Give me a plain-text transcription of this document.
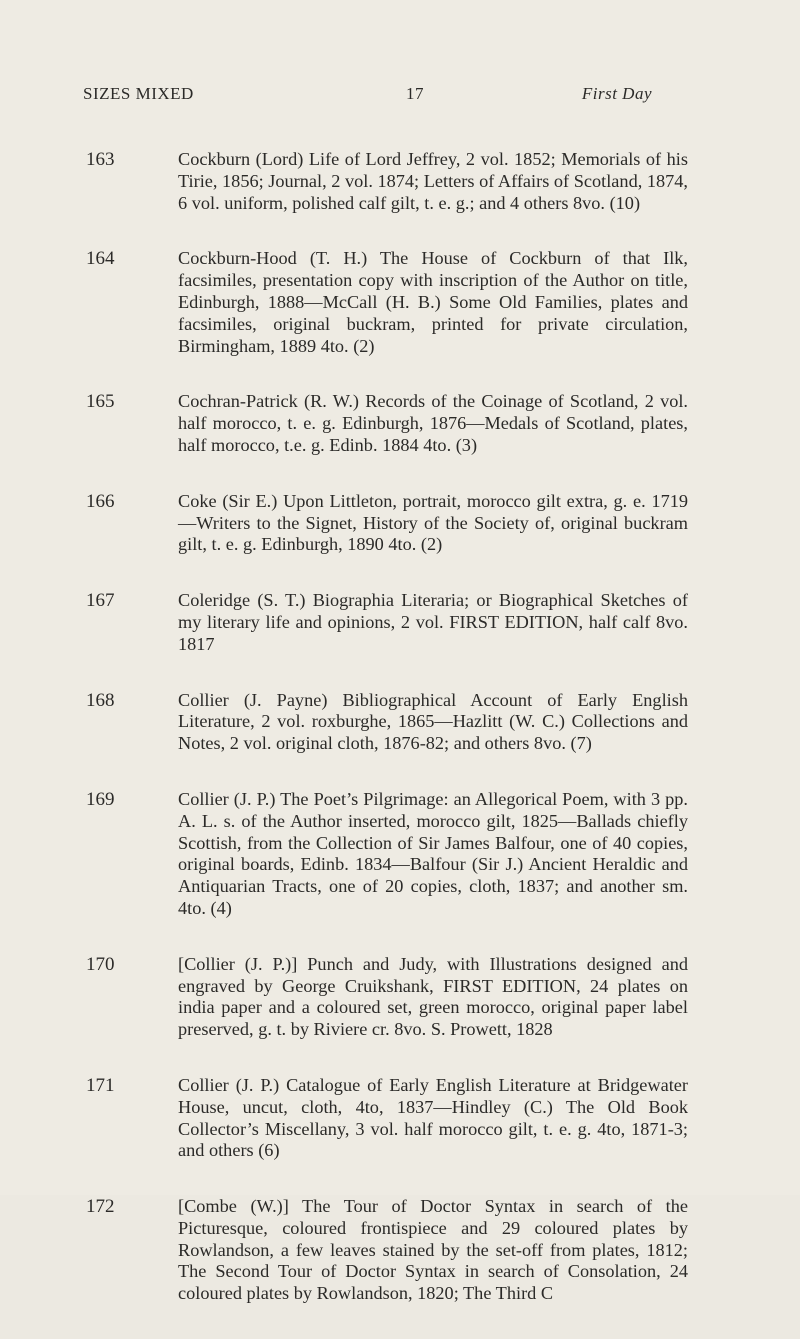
SIZES MIXED	17	First Day
163	Cockburn (Lord) Life of Lord Jeffrey, 2 vol. 1852; Memorials of his Tirie, 1856; Journal, 2 vol. 1874; Letters of Affairs of Scotland, 1874, 6 vol. uniform, polished calf gilt, t. e. g.; and 4 others 8vo. (10)

164	Cockburn-Hood (T. H.) The House of Cockburn of that Ilk, facsimiles, presentation copy with inscription of the Author on title, Edinburgh, 1888—McCall (H. B.) Some Old Families, plates and facsimiles, original buckram, printed for private circulation, Birmingham, 1889 4to. (2)

165	Cochran-Patrick (R. W.) Records of the Coinage of Scotland, 2 vol. half morocco, t. e. g. Edinburgh, 1876—Medals of Scotland, plates, half morocco, t.e. g. Edinb. 1884 4to. (3)

166	Coke (Sir E.) Upon Littleton, portrait, morocco gilt extra, g. e. 1719—Writers to the Signet, History of the Society of, original buckram gilt, t. e. g. Edinburgh, 1890 4to. (2)

167	Coleridge (S. T.) Biographia Literaria; or Biographical Sketches of my literary life and opinions, 2 vol. FIRST EDITION, half calf 8vo. 1817

168	Collier (J. Payne) Bibliographical Account of Early English Literature, 2 vol. roxburghe, 1865—Hazlitt (W. C.) Collections and Notes, 2 vol. original cloth, 1876-82; and others 8vo. (7)

169	Collier (J. P.) The Poet’s Pilgrimage: an Allegorical Poem, with 3 pp. A. L. s. of the Author inserted, morocco gilt, 1825—Ballads chiefly Scottish, from the Collection of Sir James Balfour, one of 40 copies, original boards, Edinb. 1834—Balfour (Sir J.) Ancient Heraldic and Antiquarian Tracts, one of 20 copies, cloth, 1837; and another sm. 4to. (4)

170	[Collier (J. P.)] Punch and Judy, with Illustrations designed and engraved by George Cruikshank, FIRST EDITION, 24 plates on india paper and a coloured set, green morocco, original paper label preserved, g. t. by Riviere cr. 8vo. S. Prowett, 1828

171	Collier (J. P.) Catalogue of Early English Literature at Bridgewater House, uncut, cloth, 4to, 1837—Hindley (C.) The Old Book Collector’s Miscellany, 3 vol. half morocco gilt, t. e. g. 4to, 1871-3; and others (6)

172	[Combe (W.)] The Tour of Doctor Syntax in search of the Picturesque, coloured frontispiece and 29 coloured plates by Rowlandson, a few leaves stained by the set-off from plates, 1812; The Second Tour of Doctor Syntax in search of Consolation, 24 coloured plates by Rowlandson, 1820; The Third C
